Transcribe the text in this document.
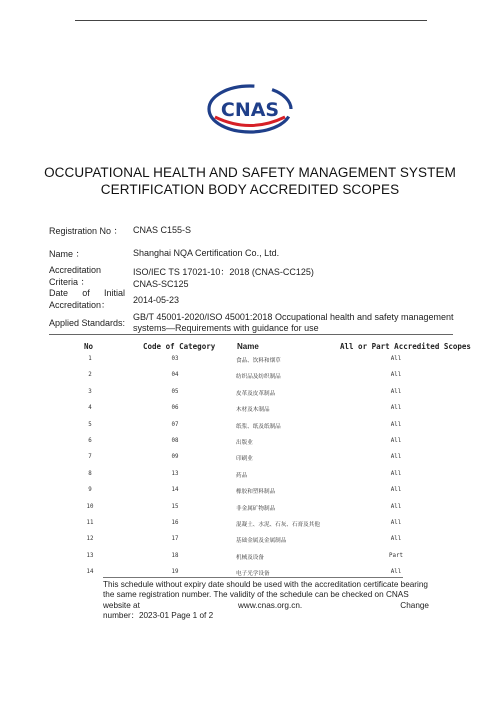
CNAS
OCCUPATIONAL HEALTH AND SAFETY MANAGEMENT SYSTEM
CERTIFICATION BODY ACCREDITED SCOPES
Registration No ： CNAS C155-S
Name ：	Shanghai NQA Certification Co., Ltd.
Accreditation
Criteria ：
ISO/IEC TS 17021-10：2018 (CNAS-CC125)
CNAS-SC125
Date of Initial
Accreditation：	2014-05-23
Applied Standards:
GB/T 45001-2020/ISO 45001:2018 Occupational health and safety management
systems—Requirements with guidance for use
No	Code of Category	Name	All or Part Accredited Scopes
1	03	食品、饮料和烟草	All
2	04	纺织品及纺织制品	All
3	05	皮革及皮革制品	All
4	06	木材及木制品	All
5	07	纸浆、纸及纸制品	All
6	08	出版业	All
7	09	印刷业	All
8	13	药品	All
9	14	橡胶和塑料制品	All
10	15	非金属矿物制品	All
11	16	混凝土、水泥、石灰、石膏及其他	All
12	17	基础金属及金属制品	All
13	18	机械及设备	Part
14	19	电子光学设备	All
This schedule without expiry date should be used with the accreditation certificate bearing
the same registration number. The validity of the schedule can be checked on CNAS
website at	www.cnas.org.cn.	Change
number：2023-01 Page 1 of 2
